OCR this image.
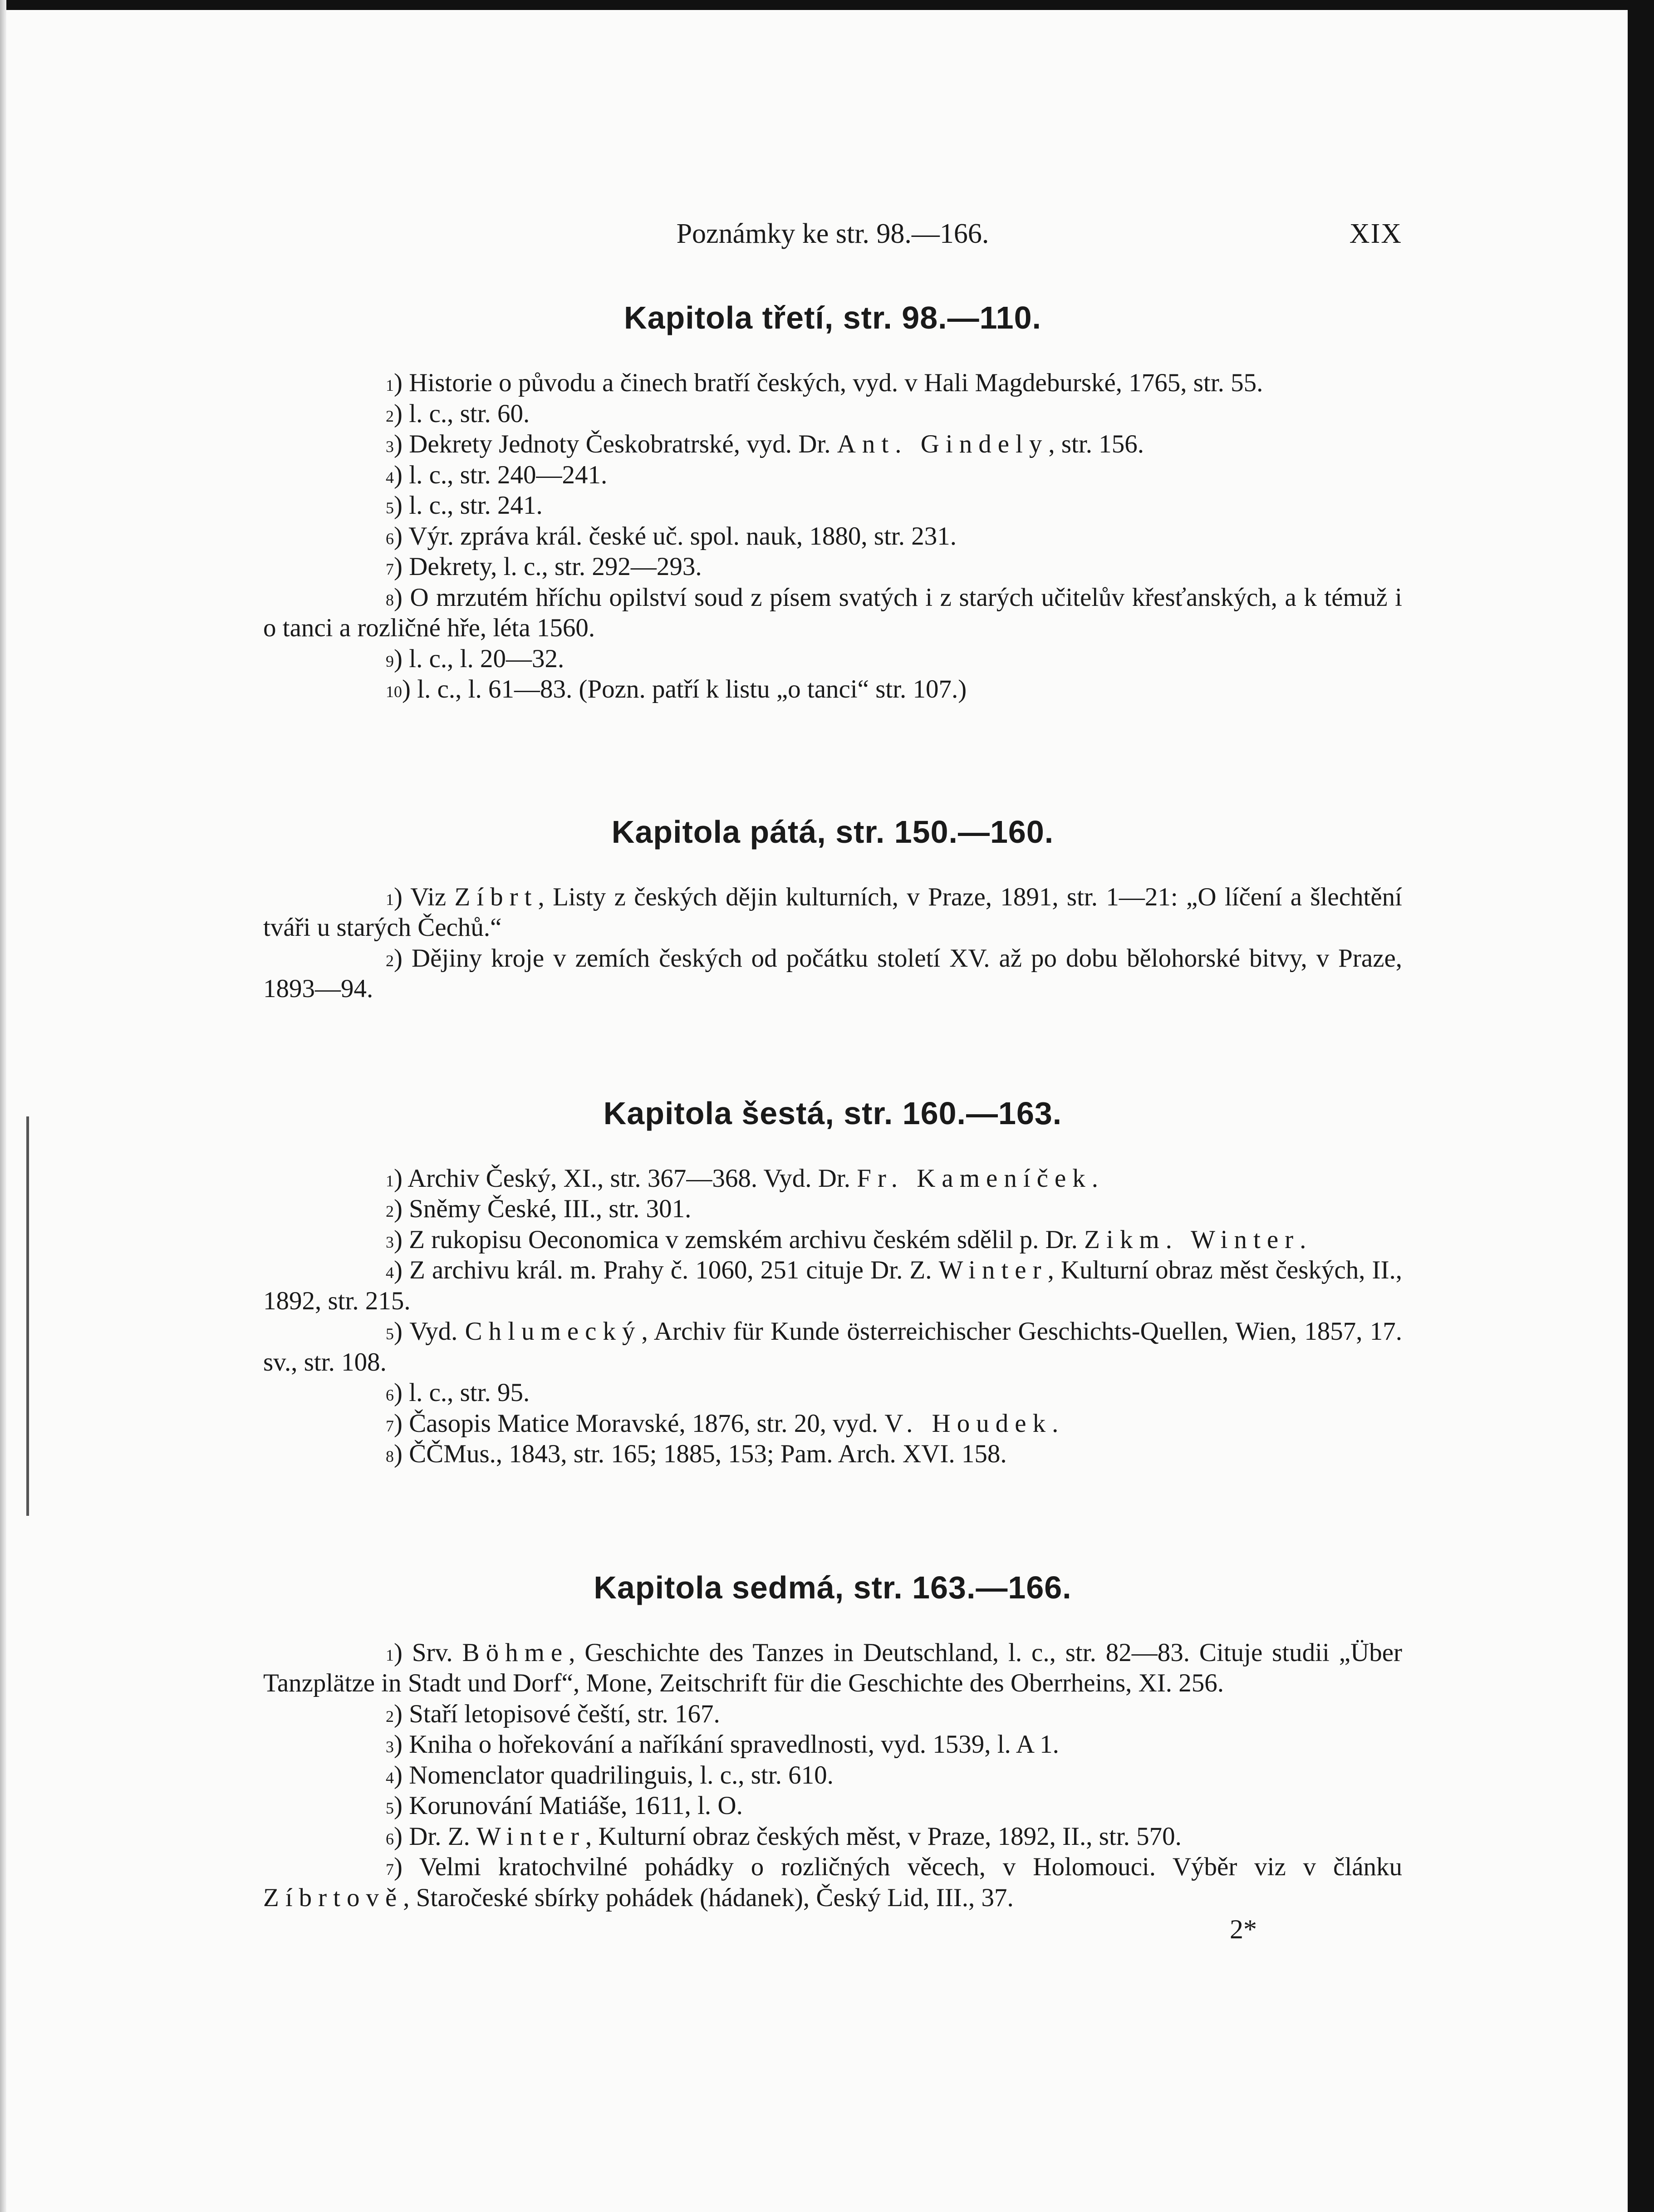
Poznámky ke str. 98.—166.	XIX
Kapitola třetí, str. 98.—110.

$^1$) Historie o původu a činech bratří českých, vyd. v Hali Magdeburské, 1765, str. 55.

$^2$) l. c., str. 60.

$^3$) Dekrety Jednoty Českobratrské, vyd. Dr. Ant. Gindely, str. 156.

$^4$) l. c., str. 240—241.

$^5$) l. c., str. 241.

$^6$) Výr. zpráva král. české uč. spol. nauk, 1880, str. 231.

$^7$) Dekrety, l. c., str. 292—293.

$^8$) O mrzutém hříchu opilství soud z písem svatých i z starých učitelův křesťanských, a k témuž i o tanci a rozličné hře, léta 1560.

$^9$) l. c., l. 20—32.

$^{10}$) l. c., l. 61—83. (Pozn. patří k listu „o tanci“ str. 107.)

Kapitola pátá, str. 150.—160.

$^1$) Viz Zíbrt, Listy z českých dějin kulturních, v Praze, 1891, str. 1—21: „O líčení a šlechtění tváři u starých Čechů.“

$^2$) Dějiny kroje v zemích českých od počátku století XV. až po dobu bělohorské bitvy, v Praze, 1893—94.

Kapitola šestá, str. 160.—163.

$^1$) Archiv Český, XI., str. 367—368. Vyd. Dr. Fr. Kameníček.

$^2$) Sněmy České, III., str. 301.

$^3$) Z rukopisu Oeconomica v zemském archivu českém sdělil p. Dr. Zikm. Winter.

$^4$) Z archivu král. m. Prahy č. 1060, 251 cituje Dr. Z. Winter, Kulturní obraz měst českých, II., 1892, str. 215.

$^5$) Vyd. Chlumecký, Archiv für Kunde österreichischer Geschichts-Quellen, Wien, 1857, 17. sv., str. 108.

$^6$) l. c., str. 95.

$^7$) Časopis Matice Moravské, 1876, str. 20, vyd. V. Houdek.

$^8$) ČČMus., 1843, str. 165; 1885, 153; Pam. Arch. XVI. 158.

Kapitola sedmá, str. 163.—166.

$^1$) Srv. Böhme, Geschichte des Tanzes in Deutschland, l. c., str. 82—83. Cituje studii „Über Tanzplätze in Stadt und Dorf“, Mone, Zeitschrift für die Geschichte des Oberrheins, XI. 256.

$^2$) Staří letopisové čeští, str. 167.

$^3$) Kniha o hořekování a naříkání spravedlnosti, vyd. 1539, l. A 1.

$^4$) Nomenclator quadrilinguis, l. c., str. 610.

$^5$) Korunování Matiáše, 1611, l. O.

$^6$) Dr. Z. Winter, Kulturní obraz českých měst, v Praze, 1892, II., str. 570.

$^7$) Velmi kratochvilné pohádky o rozličných věcech, v Holomouci. Výběr viz v článku Zíbrtově, Staročeské sbírky pohádek (hádanek), Český Lid, III., 37.

2*
